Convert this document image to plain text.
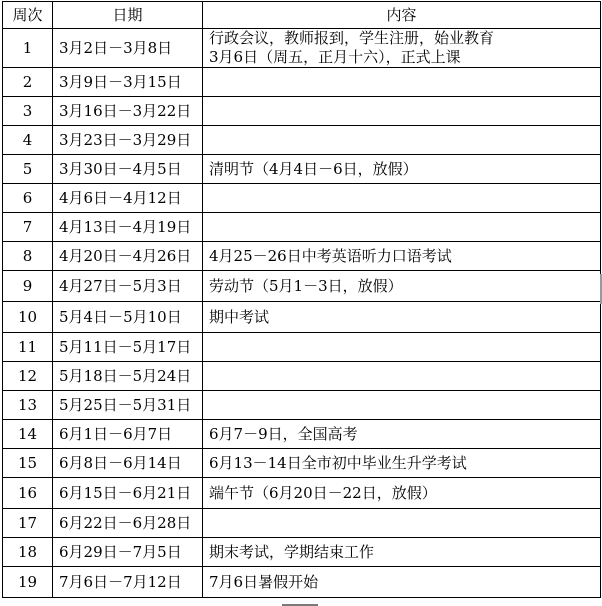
周次	日期	内容
1	3月2日－3月8日	行政会议，教师报到，学生注册，始业教育
3月6日（周五，正月十六），正式上课

2	3月9日－3月15日	

3	3月16日－3月22日	

4	3月23日－3月29日	

5	3月30日－4月5日	清明节（4月4日－6日，放假）

6	4月6日－4月12日	

7	4月13日－4月19日	

8	4月20日－4月26日	4月25－26日中考英语听力口语考试

9	4月27日－5月3日	劳动节（5月1－3日，放假）

10	5月4日－5月10日	期中考试

11	5月11日－5月17日	

12	5月18日－5月24日	

13	5月25日－5月31日	

14	6月1日－6月7日	6月7－9日，全国高考

15	6月8日－6月14日	6月13－14日全市初中毕业生升学考试

16	6月15日－6月21日	端午节（6月20日－22日，放假）

17	6月22日－6月28日	

18	6月29日－7月5日	期末考试，学期结束工作

19	7月6日－7月12日	7月6日暑假开始
